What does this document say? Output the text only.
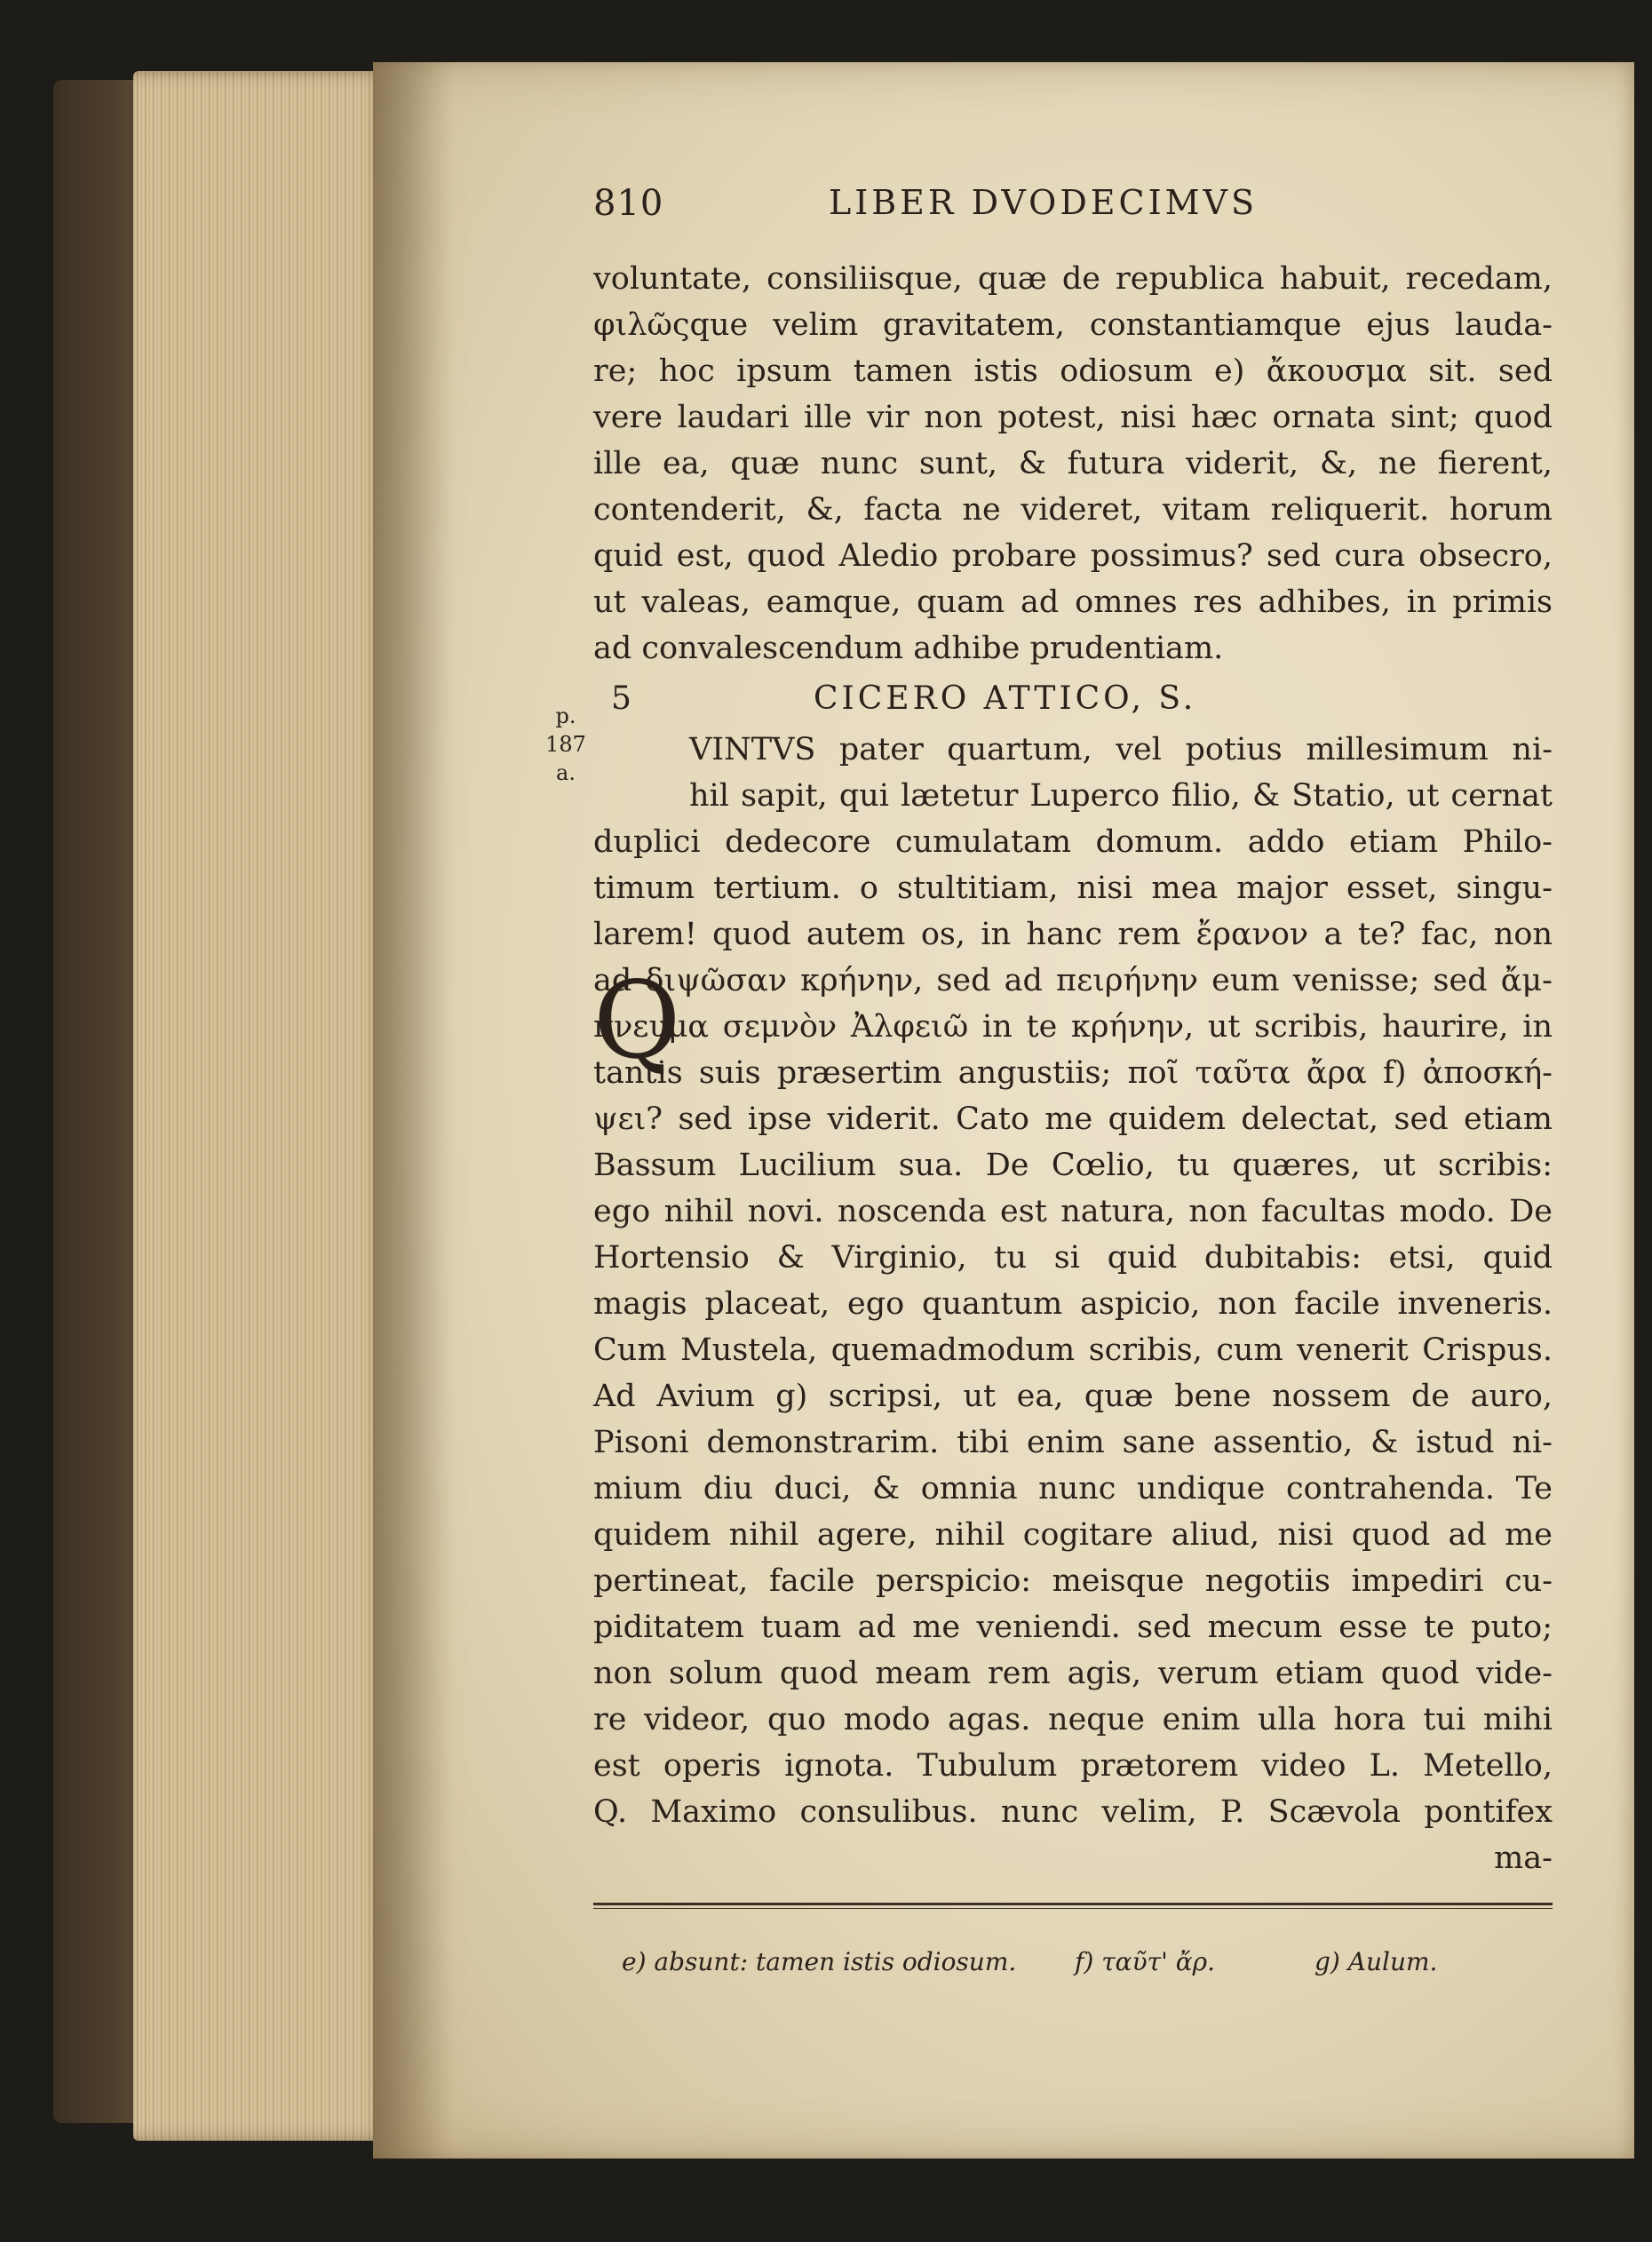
810	LIBER DVODECIMVS
p.
187
a.
voluntate, consiliisque, quæ de republica habuit, recedam,
φιλῶςque velim gravitatem, constantiamque ejus lauda-
re; hoc ipsum tamen istis odiosum e) ἄκουσμα sit. sed
vere laudari ille vir non potest, nisi hæc ornata sint; quod
ille ea, quæ nunc sunt, & futura viderit, &, ne fierent,
contenderit, &, facta ne videret, vitam reliquerit. horum
quid est, quod Aledio probare possimus? sed cura obsecro,
ut valeas, eamque, quam ad omnes res adhibes, in primis
ad convalescendum adhibe prudentiam.
5	CICERO ATTICO, S.
Q
VINTVS pater quartum, vel potius millesimum ni-
hil sapit, qui lætetur Luperco filio, & Statio, ut cernat
duplici dedecore cumulatam domum. addo etiam Philo-
timum tertium. o stultitiam, nisi mea major esset, singu-
larem! quod autem os, in hanc rem ἔρανον a te? fac, non
ad διψῶσαν κρήνην, sed ad πειρήνην eum venisse; sed ἄμ-
πνευμα σεμνὸν Ἀλφειῶ in te κρήνην, ut scribis, haurire, in
tantis suis præsertim angustiis; ποῖ ταῦτα ἄρα f) ἀποσκή-
ψει? sed ipse viderit. Cato me quidem delectat, sed etiam
Bassum Lucilium sua. De Cœlio, tu quæres, ut scribis:
ego nihil novi. noscenda est natura, non facultas modo. De
Hortensio & Virginio, tu si quid dubitabis: etsi, quid
magis placeat, ego quantum aspicio, non facile inveneris.
Cum Mustela, quemadmodum scribis, cum venerit Crispus.
Ad Avium g) scripsi, ut ea, quæ bene nossem de auro,
Pisoni demonstrarim. tibi enim sane assentio, & istud ni-
mium diu duci, & omnia nunc undique contrahenda. Te
quidem nihil agere, nihil cogitare aliud, nisi quod ad me
pertineat, facile perspicio: meisque negotiis impediri cu-
piditatem tuam ad me veniendi. sed mecum esse te puto;
non solum quod meam rem agis, verum etiam quod vide-
re videor, quo modo agas. neque enim ulla hora tui mihi
est operis ignota. Tubulum prætorem video L. Metello,
Q. Maximo consulibus. nunc velim, P. Scævola pontifex
ma-
e) absunt: tamen istis odiosum. f) ταῦτ' ἄρ.	g) Aulum.
